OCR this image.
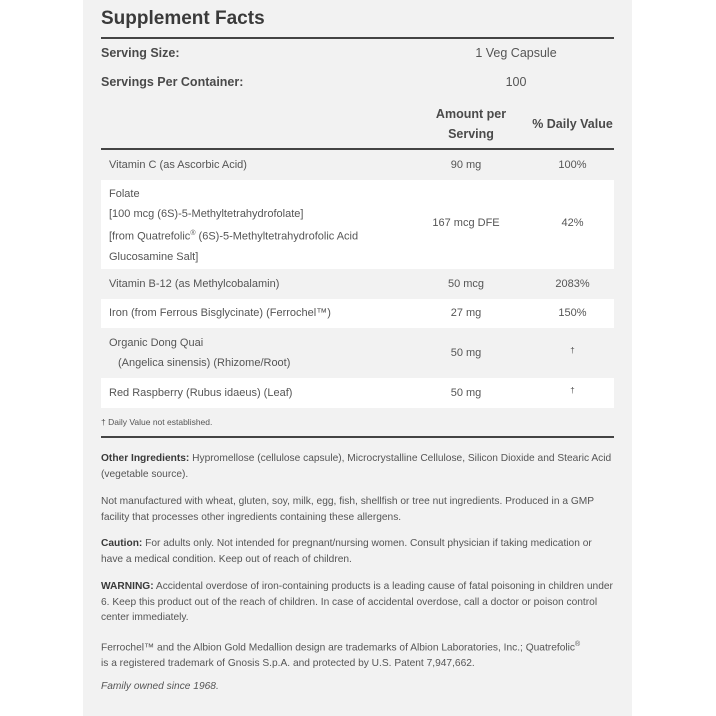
Supplement Facts
Serving Size:	1 Veg Capsule
Servings Per Container:	100
Amount per
Serving
% Daily Value
Vitamin C (as Ascorbic Acid)	90 mg	100%
Folate
[100 mcg (6S)-5-Methyltetrahydrofolate]
[from Quatrefolic® (6S)-5-Methyltetrahydrofolic Acid
Glucosamine Salt]
167 mcg DFE	42%
Vitamin B-12 (as Methylcobalamin)	50 mcg	2083%
Iron (from Ferrous Bisglycinate) (Ferrochel™)	27 mg	150%
Organic Dong Quai
(Angelica sinensis) (Rhizome/Root)
50 mg	†
Red Raspberry (Rubus idaeus) (Leaf)	50 mg	†
† Daily Value not established.
Other Ingredients: Hypromellose (cellulose capsule), Microcrystalline Cellulose, Silicon Dioxide and Stearic Acid (vegetable source).
Not manufactured with wheat, gluten, soy, milk, egg, fish, shellfish or tree nut ingredients. Produced in a GMP facility that processes other ingredients containing these allergens.
Caution: For adults only. Not intended for pregnant/nursing women. Consult physician if taking medication or have a medical condition. Keep out of reach of children.
WARNING: Accidental overdose of iron-containing products is a leading cause of fatal poisoning in children under 6. Keep this product out of the reach of children. In case of accidental overdose, call a doctor or poison control center immediately.
Ferrochel™ and the Albion Gold Medallion design are trademarks of Albion Laboratories, Inc.; Quatrefolic®
is a registered trademark of Gnosis S.p.A. and protected by U.S. Patent 7,947,662.
Family owned since 1968.
